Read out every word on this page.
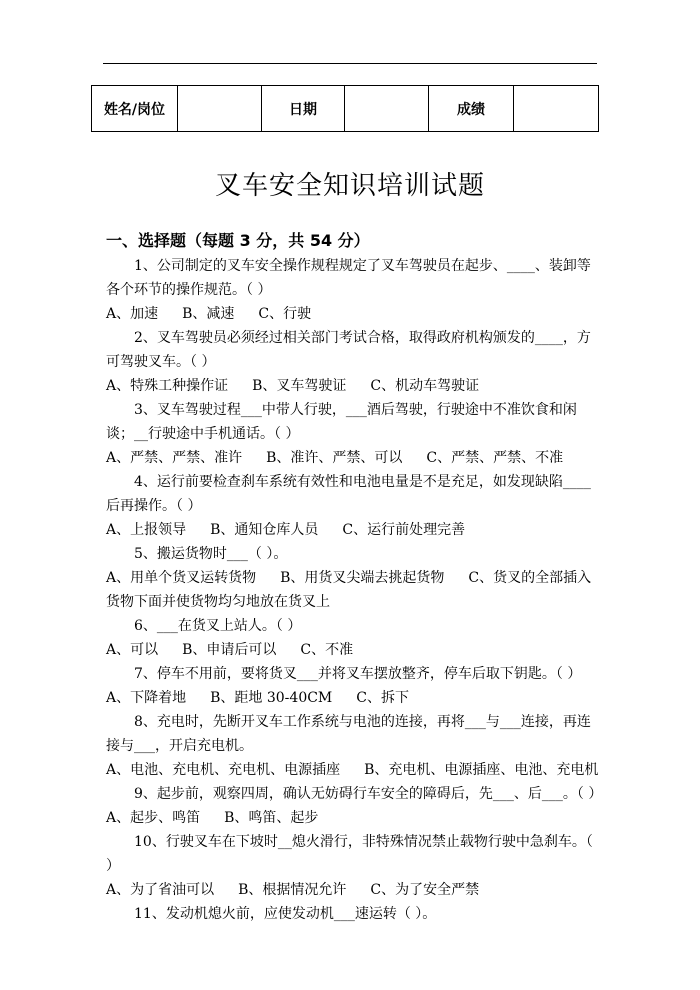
姓名/岗位		日期		成绩	
叉车安全知识培训试题
一、选择题（每题 3 分，共 54 分）

1、公司制定的叉车安全操作规程规定了叉车驾驶员在起步、____、装卸等各个环节的操作规范。（ ）

A、加速 B、减速 C、行驶

2、叉车驾驶员必须经过相关部门考试合格，取得政府机构颁发的____，方可驾驶叉车。（ ）

A、特殊工种操作证 B、叉车驾驶证 C、机动车驾驶证

3、叉车驾驶过程___中带人行驶，___酒后驾驶，行驶途中不准饮食和闲谈；__行驶途中手机通话。（ ）

A、严禁、严禁、准许 B、准许、严禁、可以 C、严禁、严禁、不准

4、运行前要检查刹车系统有效性和电池电量是不是充足，如发现缺陷____后再操作。（ ）

A、上报领导 B、通知仓库人员 C、运行前处理完善

5、搬运货物时___（ ）。

A、用单个货叉运转货物 B、用货叉尖端去挑起货物 C、货叉的全部插入货物下面并使货物均匀地放在货叉上

6、___在货叉上站人。（ ）

A、可以 B、申请后可以 C、不准

7、停车不用前，要将货叉___并将叉车摆放整齐，停车后取下钥匙。（ ）

A、下降着地 B、距地 30-40CM C、拆下

8、充电时，先断开叉车工作系统与电池的连接，再将___与___连接，再连接与___，开启充电机。

A、电池、充电机、充电机、电源插座 B、充电机、电源插座、电池、充电机

9、起步前，观察四周，确认无妨碍行车安全的障碍后，先___、后___。（ ）

A、起步、鸣笛 B、鸣笛、起步

10、行驶叉车在下坡时__熄火滑行，非特殊情况禁止载物行驶中急刹车。（ ）

A、为了省油可以 B、根据情况允许 C、为了安全严禁

11、发动机熄火前，应使发动机___速运转（ ）。
